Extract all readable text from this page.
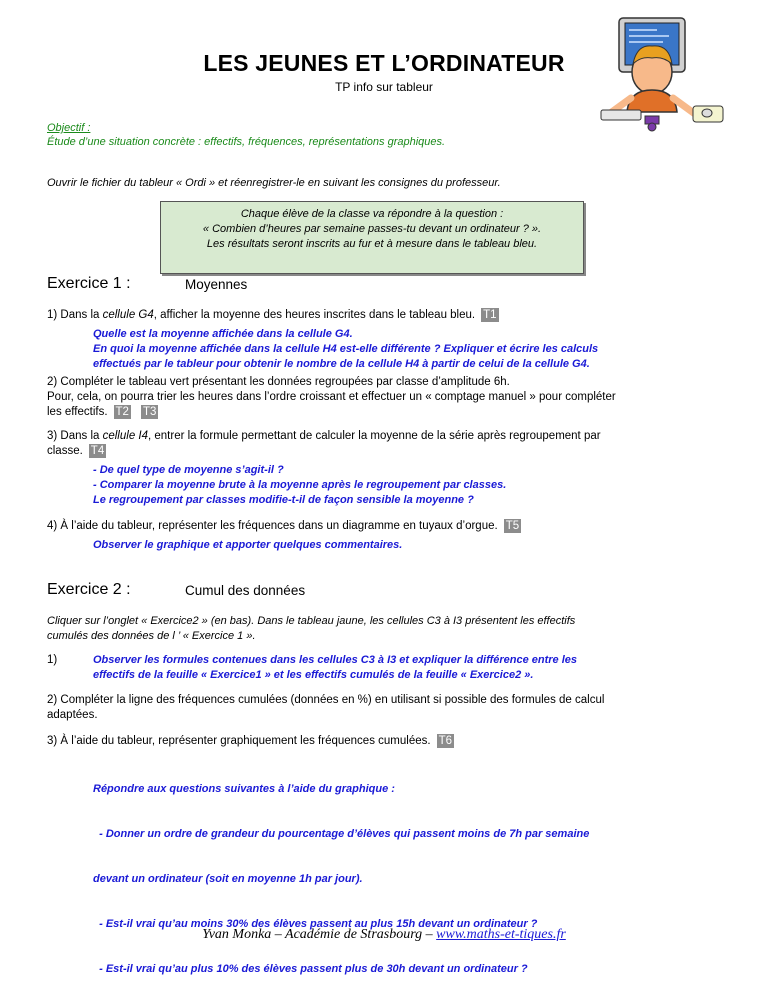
LES JEUNES ET L’ORDINATEUR
TP info sur tableur
Objectif :
Étude d’une situation concrète : effectifs, fréquences, représentations graphiques.
Ouvrir le fichier du tableur « Ordi » et réenregistrer-le en suivant les consignes du professeur.
Chaque élève de la classe va répondre à la question :
« Combien d’heures par semaine passes-tu devant un ordinateur ? ».
Les résultats seront inscrits au fur et à mesure dans le tableau bleu.
Exercice 1 :	Moyennes
1) Dans la cellule G4, afficher la moyenne des heures inscrites dans le tableau bleu. T1
Quelle est la moyenne affichée dans la cellule G4.
En quoi la moyenne affichée dans la cellule H4 est-elle différente ? Expliquer et écrire les calculs
effectués par le tableur pour obtenir le nombre de la cellule H4 à partir de celui de la cellule G4.
2) Compléter le tableau vert présentant les données regroupées par classe d’amplitude 6h.
Pour, cela, on pourra trier les heures dans l’ordre croissant et effectuer un « comptage manuel » pour compléter
les effectifs. T2 T3
3) Dans la cellule I4, entrer la formule permettant de calculer la moyenne de la série après regroupement par
classe. T4
- De quel type de moyenne s’agit-il ?
- Comparer la moyenne brute à la moyenne après le regroupement par classes.
Le regroupement par classes modifie-t-il de façon sensible la moyenne ?
4) À l’aide du tableur, représenter les fréquences dans un diagramme en tuyaux d’orgue. T5
Observer le graphique et apporter quelques commentaires.
Exercice 2 :	Cumul des données
Cliquer sur l’onglet « Exercice2 » (en bas). Dans le tableau jaune, les cellules C3 à I3 présentent les effectifs
cumulés des données de l ’ « Exercice 1 ».
1)	Observer les formules contenues dans les cellules C3 à I3 et expliquer la différence entre les
effectifs de la feuille « Exercice1 » et les effectifs cumulés de la feuille « Exercice2 ».
2) Compléter la ligne des fréquences cumulées (données en %) en utilisant si possible des formules de calcul
adaptées.
3) À l’aide du tableur, représenter graphiquement les fréquences cumulées. T6

Répondre aux questions suivantes à l’aide du graphique :

- Donner un ordre de grandeur du pourcentage d’élèves qui passent moins de 7h par semaine

devant un ordinateur (soit en moyenne 1h par jour).

- Est-il vrai qu’au moins 30% des élèves passent au plus 15h devant un ordinateur ?

- Est-il vrai qu’au plus 10% des élèves passent plus de 30h devant un ordinateur ?

Yvan Monka – Académie de Strasbourg – www.maths-et-tiques.fr
